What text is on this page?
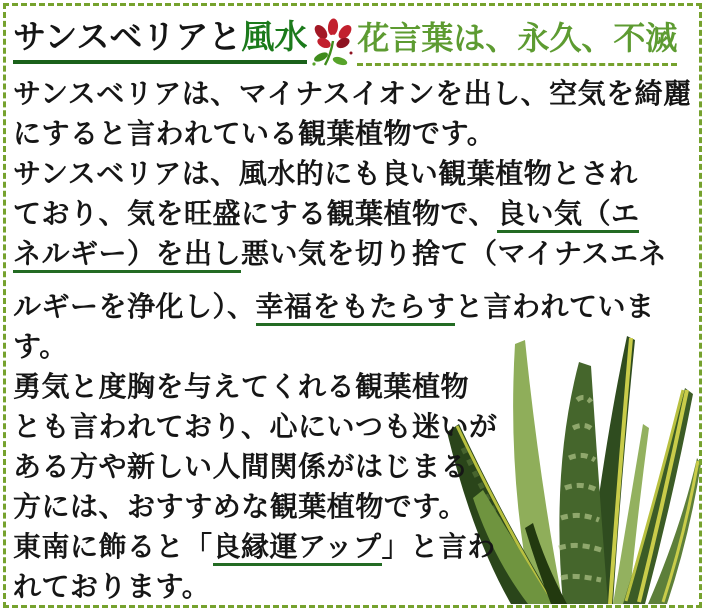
サンスベリアと風水 花言葉は、永久、不滅
サンスベリアは、マイナスイオンを出し、空気を綺麗
にすると言われている観葉植物です。
サンスベリアは、風水的にも良い観葉植物とされ
ており、気を旺盛にする観葉植物で、良い気（エ
ネルギー）を出し悪い気を切り捨て（マイナスエネ
ルギーを浄化し）、幸福をもたらすと言われていま
す。
勇気と度胸を与えてくれる観葉植物
とも言われており、心にいつも迷いが
ある方や新しい人間関係がはじまる
方には、おすすめな観葉植物です。
東南に飾ると「良縁運アップ」と言わ
れております。
